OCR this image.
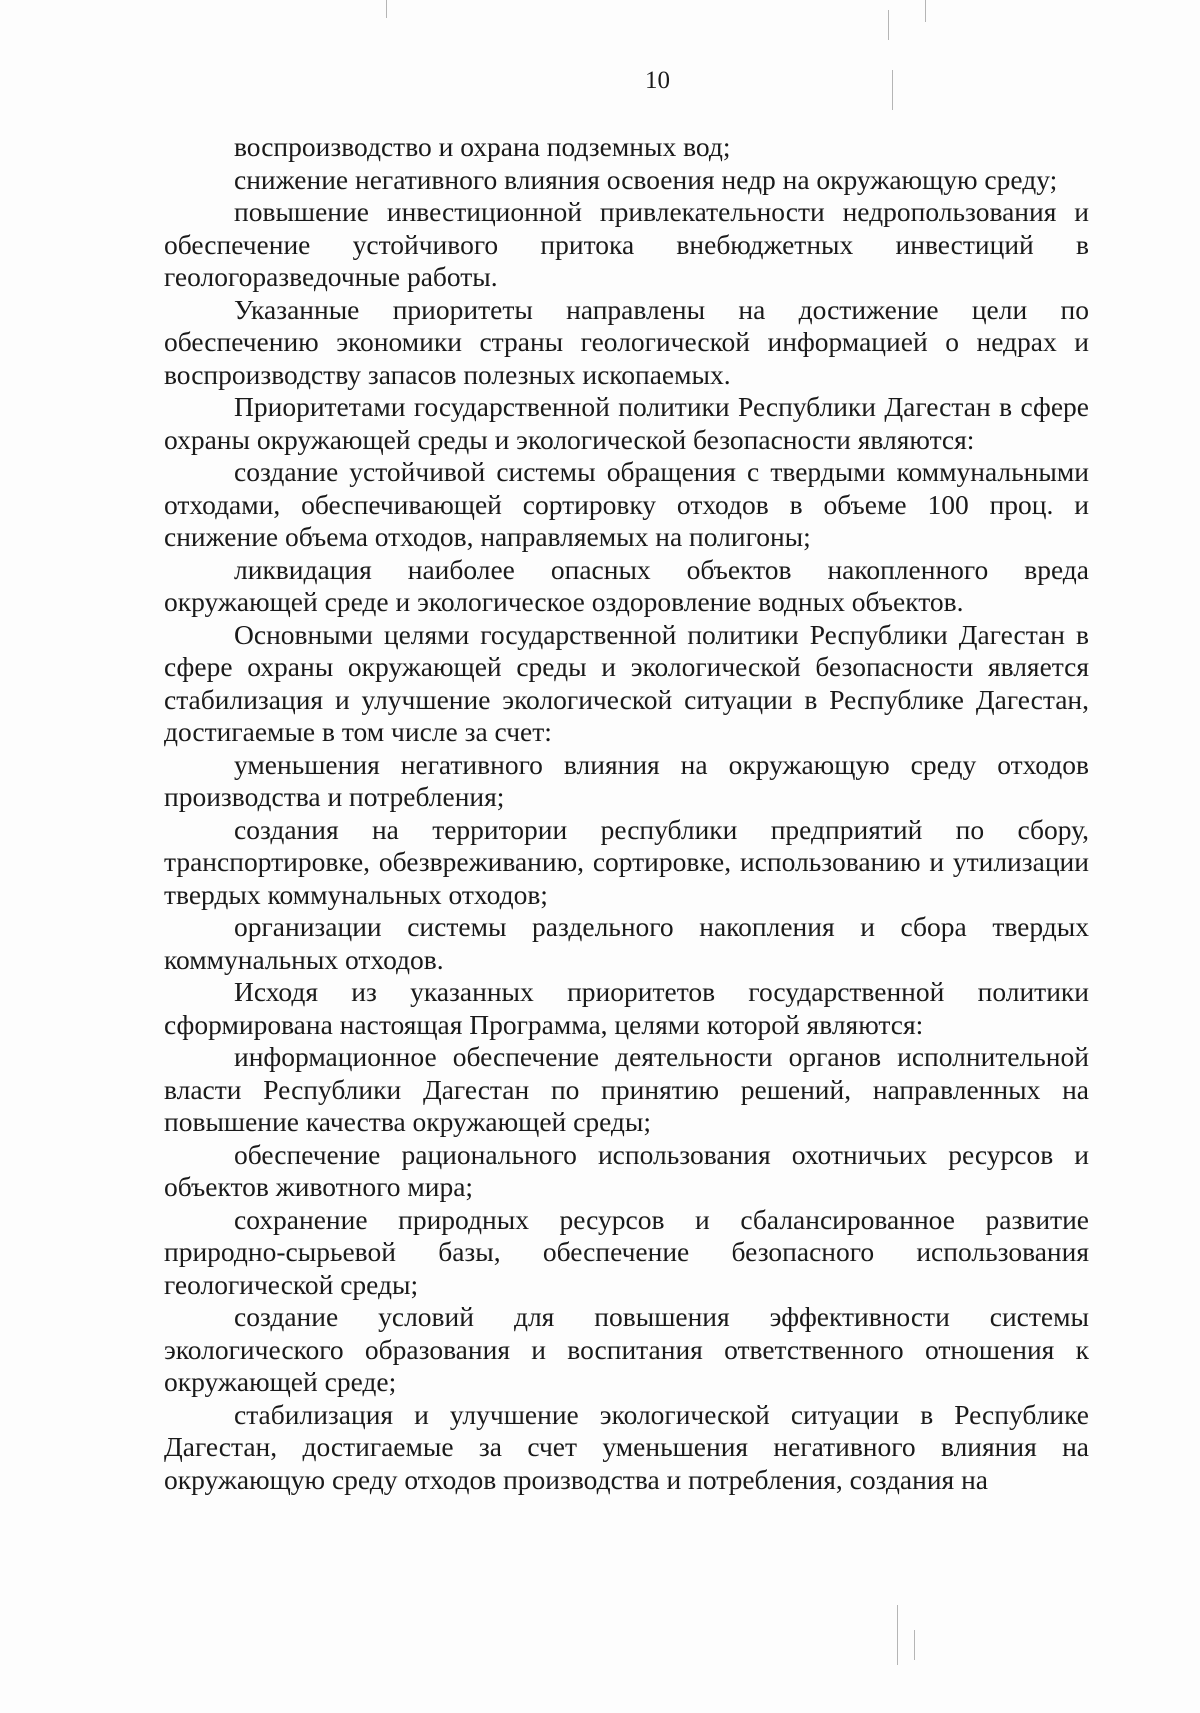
10

воспроизводство и охрана подземных вод;

снижение негативного влияния освоения недр на окружающую среду;

повышение инвестиционной привлекательности недропользования и обеспечение устойчивого притока внебюджетных инвестиций в геологоразведочные работы.

Указанные приоритеты направлены на достижение цели по обеспечению экономики страны геологической информацией о недрах и воспроизводству запасов полезных ископаемых.

Приоритетами государственной политики Республики Дагестан в сфере охраны окружающей среды и экологической безопасности являются:

создание устойчивой системы обращения с твердыми коммунальными отходами, обеспечивающей сортировку отходов в объеме 100 проц. и снижение объема отходов, направляемых на полигоны;

ликвидация наиболее опасных объектов накопленного вреда окружающей среде и экологическое оздоровление водных объектов.

Основными целями государственной политики Республики Дагестан в сфере охраны окружающей среды и экологической безопасности является стабилизация и улучшение экологической ситуации в Республике Дагестан, достигаемые в том числе за счет:

уменьшения негативного влияния на окружающую среду отходов производства и потребления;

создания на территории республики предприятий по сбору, транспортировке, обезвреживанию, сортировке, использованию и утилизации твердых коммунальных отходов;

организации системы раздельного накопления и сбора твердых коммунальных отходов.

Исходя из указанных приоритетов государственной политики сформирована настоящая Программа, целями которой являются:

информационное обеспечение деятельности органов исполнительной власти Республики Дагестан по принятию решений, направленных на повышение качества окружающей среды;

обеспечение рационального использования охотничьих ресурсов и объектов животного мира;

сохранение природных ресурсов и сбалансированное развитие природно-сырьевой базы, обеспечение безопасного использования геологической среды;

создание условий для повышения эффективности системы экологического образования и воспитания ответственного отношения к окружающей среде;

стабилизация и улучшение экологической ситуации в Республике Дагестан, достигаемые за счет уменьшения негативного влияния на окружающую среду отходов производства и потребления, создания на
